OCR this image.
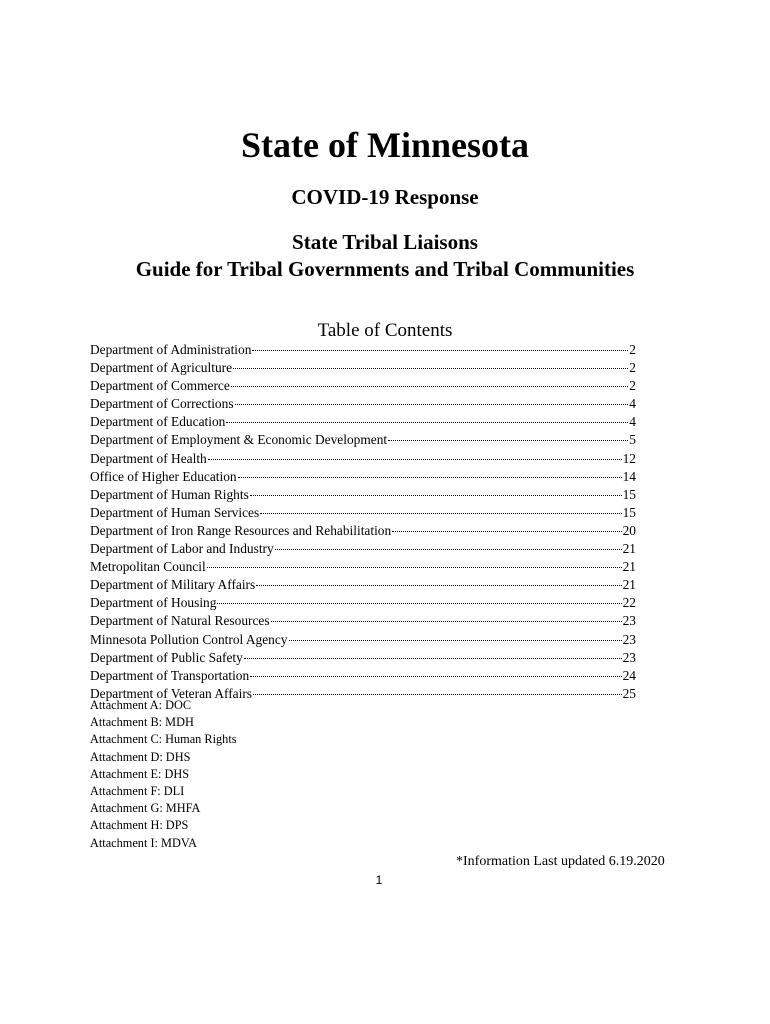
State of Minnesota
COVID-19 Response
State Tribal Liaisons
Guide for Tribal Governments and Tribal Communities
Table of Contents
Department of Administration	2
Department of Agriculture	2
Department of Commerce	2
Department of Corrections	4
Department of Education	4
Department of Employment & Economic Development	5
Department of Health	12
Office of Higher Education	14
Department of Human Rights	15
Department of Human Services	15
Department of Iron Range Resources and Rehabilitation	20
Department of Labor and Industry	21
Metropolitan Council	21
Department of Military Affairs	21
Department of Housing	22
Department of Natural Resources	23
Minnesota Pollution Control Agency	23
Department of Public Safety	23
Department of Transportation	24
Department of Veteran Affairs	25
Attachment A: DOC
Attachment B: MDH
Attachment C: Human Rights
Attachment D: DHS
Attachment E: DHS
Attachment F: DLI
Attachment G: MHFA
Attachment H: DPS
Attachment I: MDVA
*Information Last updated 6.19.2020
1
